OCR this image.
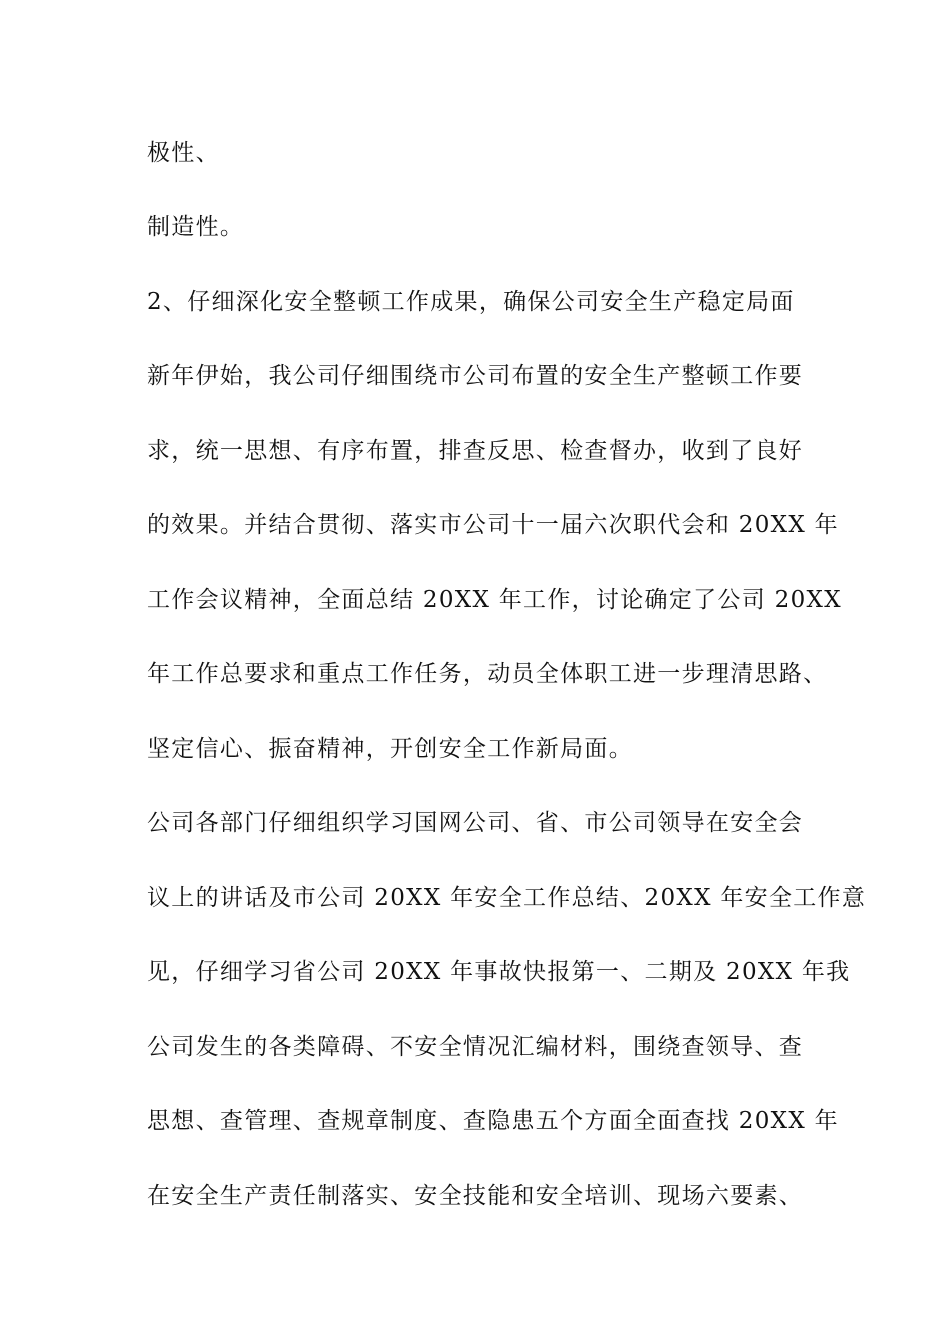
极性、
制造性。
2、仔细深化安全整顿工作成果，确保公司安全生产稳定局面
新年伊始，我公司仔细围绕市公司布置的安全生产整顿工作要
求，统一思想、有序布置，排查反思、检查督办，收到了良好
的效果。并结合贯彻、落实市公司十一届六次职代会和 20XX 年
工作会议精神，全面总结 20XX 年工作，讨论确定了公司 20XX
年工作总要求和重点工作任务，动员全体职工进一步理清思路、
坚定信心、振奋精神，开创安全工作新局面。
公司各部门仔细组织学习国网公司、省、市公司领导在安全会
议上的讲话及市公司 20XX 年安全工作总结、20XX 年安全工作意
见，仔细学习省公司 20XX 年事故快报第一、二期及 20XX 年我
公司发生的各类障碍、不安全情况汇编材料，围绕查领导、查
思想、查管理、查规章制度、查隐患五个方面全面查找 20XX 年
在安全生产责任制落实、安全技能和安全培训、现场六要素、
